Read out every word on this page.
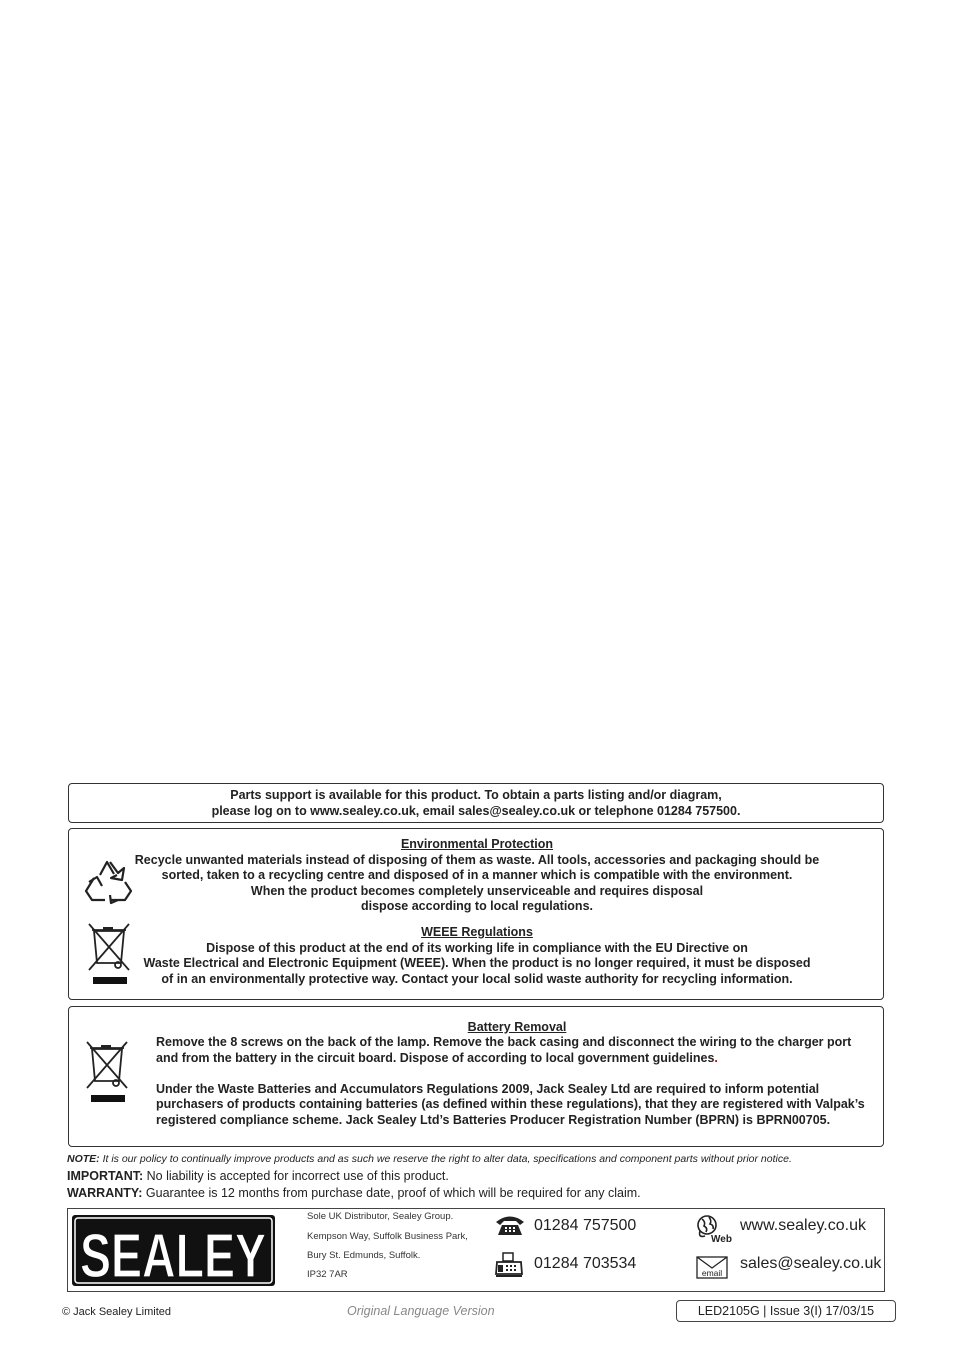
Parts support is available for this product. To obtain a parts listing and/or diagram,
please log on to www.sealey.co.uk, email sales@sealey.co.uk or telephone 01284 757500.
Environmental Protection
Recycle unwanted materials instead of disposing of them as waste. All tools, accessories and packaging should be
sorted, taken to a recycling centre and disposed of in a manner which is compatible with the environment.
When the product becomes completely unserviceable and requires disposal
dispose according to local regulations.
WEEE Regulations
Dispose of this product at the end of its working life in compliance with the EU Directive on
Waste Electrical and Electronic Equipment (WEEE). When the product is no longer required, it must be disposed
of in an environmentally protective way. Contact your local solid waste authority for recycling information.
Battery Removal
Remove the 8 screws on the back of the lamp. Remove the back casing and disconnect the wiring to the charger port
and from the battery in the circuit board. Dispose of according to local government guidelines.
Under the Waste Batteries and Accumulators Regulations 2009, Jack Sealey Ltd are required to inform potential
purchasers of products containing batteries (as defined within these regulations), that they are registered with Valpak’s
registered compliance scheme. Jack Sealey Ltd’s Batteries Producer Registration Number (BPRN) is BPRN00705.
NOTE: It is our policy to continually improve products and as such we reserve the right to alter data, specifications and component parts without prior notice.
IMPORTANT: No liability is accepted for incorrect use of this product.
WARRANTY: Guarantee is 12 months from purchase date, proof of which will be required for any claim.
SEALEY
Sole UK Distributor, Sealey Group.
Kempson Way, Suffolk Business Park,
Bury St. Edmunds, Suffolk.
IP32 7AR
01284 757500
01284 703534
Web
www.sealey.co.uk
email
sales@sealey.co.uk
© Jack Sealey Limited	Original Language Version	LED2105G | Issue 3(I) 17/03/15
